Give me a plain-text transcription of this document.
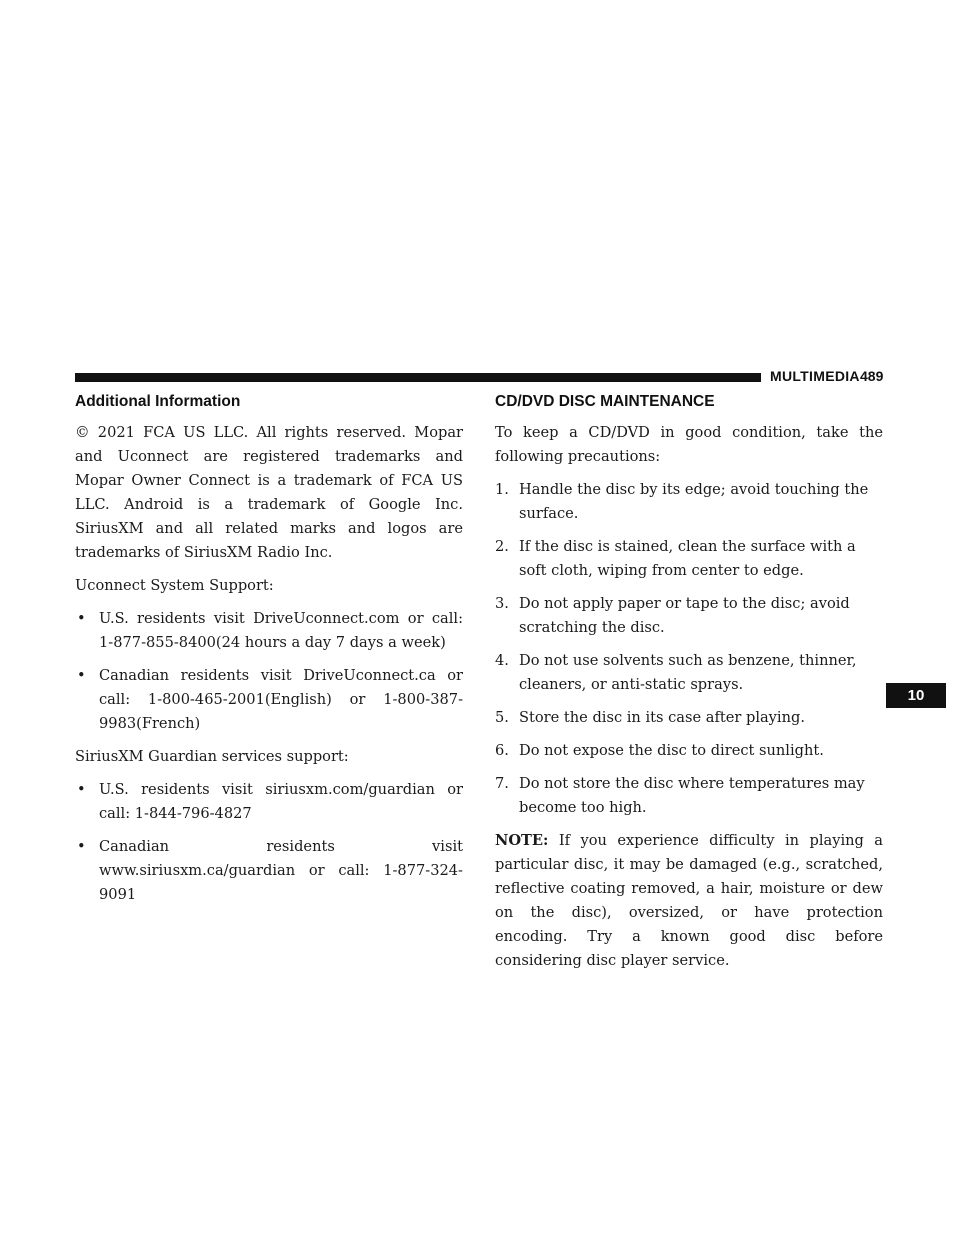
MULTIMEDIA 489
10
Additional Information

© 2021 FCA US LLC. All rights reserved. Mopar and Uconnect are registered trademarks and Mopar Owner Connect is a trademark of FCA US LLC. Android is a trademark of Google Inc. SiriusXM and all related marks and logos are trademarks of SiriusXM Radio Inc.

Uconnect System Support:

• U.S. residents visit DriveUconnect.com or call: 1-877-855-8400(24 hours a day 7 days a week)
• Canadian residents visit DriveUconnect.ca or call: 1-800-465-2001(English) or 1-800-387-9983(French)

SiriusXM Guardian services support:

• U.S. residents visit siriusxm.com/guardian or call: 1-844-796-4827
• Canadian residents visit www.siriusxm.ca/guardian or call: 1-877-324-9091
CD/DVD DISC MAINTENANCE

To keep a CD/DVD in good condition, take the following precautions:

1. Handle the disc by its edge; avoid touching the surface.
2. If the disc is stained, clean the surface with a soft cloth, wiping from center to edge.
3. Do not apply paper or tape to the disc; avoid scratching the disc.
4. Do not use solvents such as benzene, thinner, cleaners, or anti-static sprays.
5. Store the disc in its case after playing.
6. Do not expose the disc to direct sunlight.
7. Do not store the disc where temperatures may become too high.

NOTE: If you experience difficulty in playing a particular disc, it may be damaged (e.g., scratched, reflective coating removed, a hair, moisture or dew on the disc), oversized, or have protection encoding. Try a known good disc before considering disc player service.
